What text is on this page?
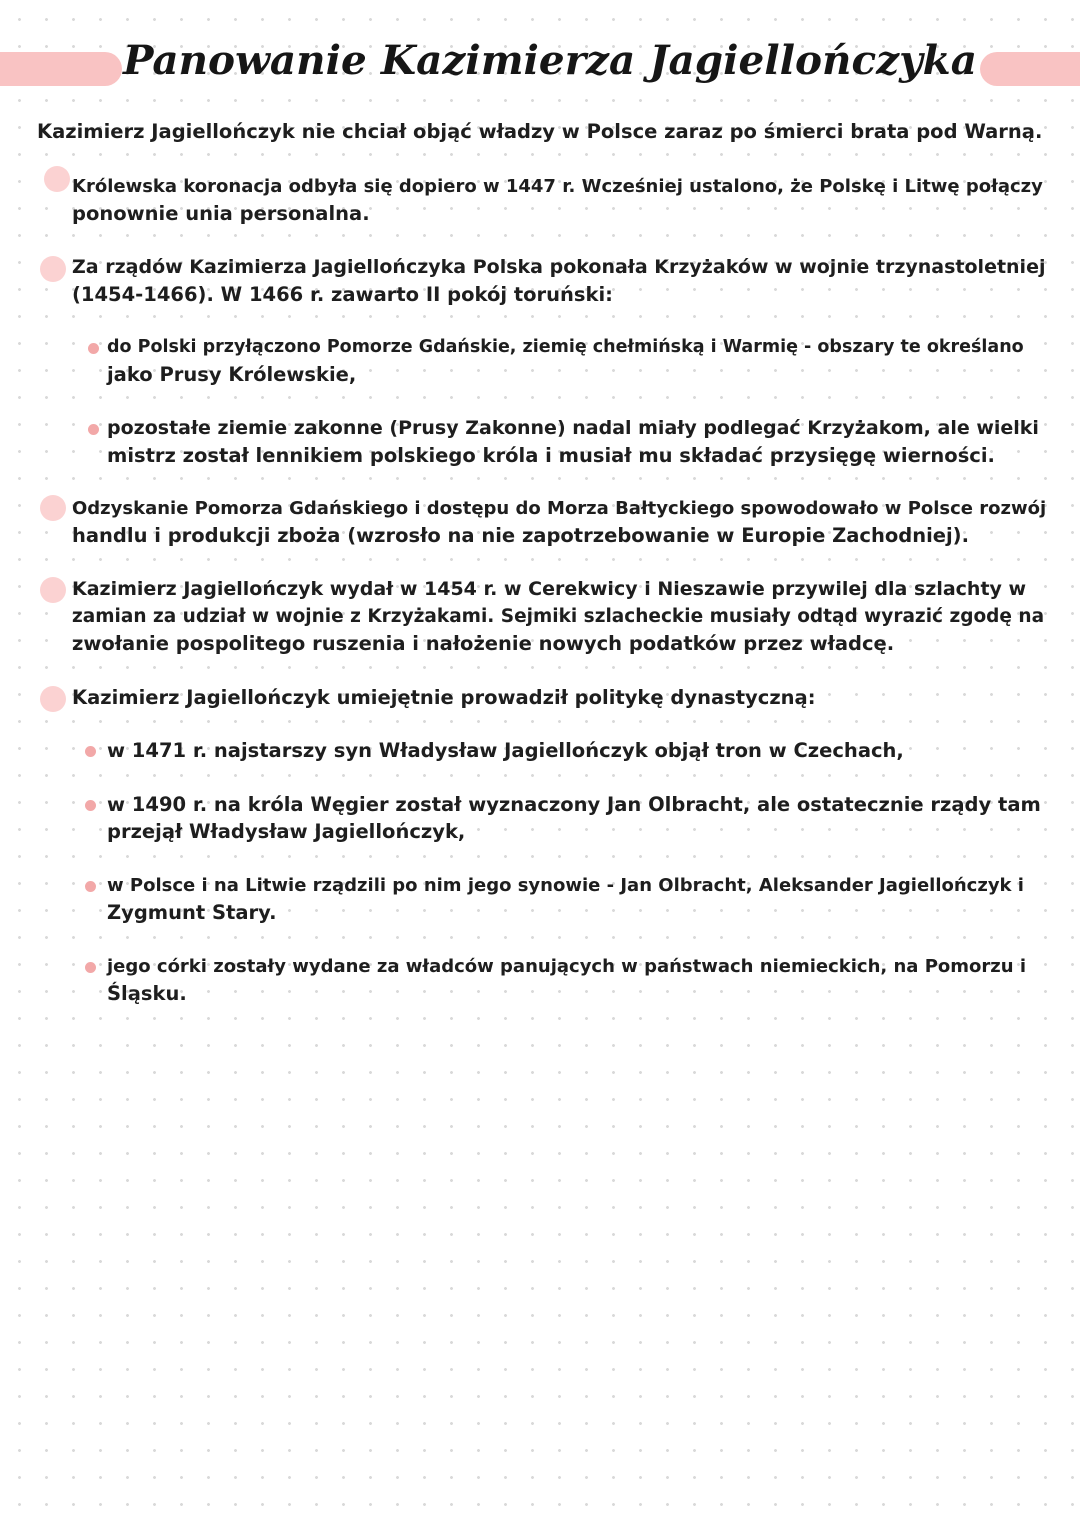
Panowanie Kazimierza Jagiellończyka
Kazimierz Jagiellończyk nie chciał objąć władzy w Polsce zaraz po śmierci brata pod Warną.
Królewska koronacja odbyła się dopiero w 1447 r. Wcześniej ustalono, że Polskę i Litwę połączy
ponownie unia personalna.
Za rządów Kazimierza Jagiellończyka Polska pokonała Krzyżaków w wojnie trzynastoletniej
(1454-1466). W 1466 r. zawarto II pokój toruński:
do Polski przyłączono Pomorze Gdańskie, ziemię chełmińską i Warmię - obszary te określano
jako Prusy Królewskie,
pozostałe ziemie zakonne (Prusy Zakonne) nadal miały podlegać Krzyżakom, ale wielki
mistrz został lennikiem polskiego króla i musiał mu składać przysięgę wierności.
Odzyskanie Pomorza Gdańskiego i dostępu do Morza Bałtyckiego spowodowało w Polsce rozwój
handlu i produkcji zboża (wzrosło na nie zapotrzebowanie w Europie Zachodniej).
Kazimierz Jagiellończyk wydał w 1454 r. w Cerekwicy i Nieszawie przywilej dla szlachty w
zamian za udział w wojnie z Krzyżakami. Sejmiki szlacheckie musiały odtąd wyrazić zgodę na
zwołanie pospolitego ruszenia i nałożenie nowych podatków przez władcę.
Kazimierz Jagiellończyk umiejętnie prowadził politykę dynastyczną:
w 1471 r. najstarszy syn Władysław Jagiellończyk objął tron w Czechach,
w 1490 r. na króla Węgier został wyznaczony Jan Olbracht, ale ostatecznie rządy tam
przejął Władysław Jagiellończyk,
w Polsce i na Litwie rządzili po nim jego synowie - Jan Olbracht, Aleksander Jagiellończyk i
Zygmunt Stary.
jego córki zostały wydane za władców panujących w państwach niemieckich, na Pomorzu i
Śląsku.
